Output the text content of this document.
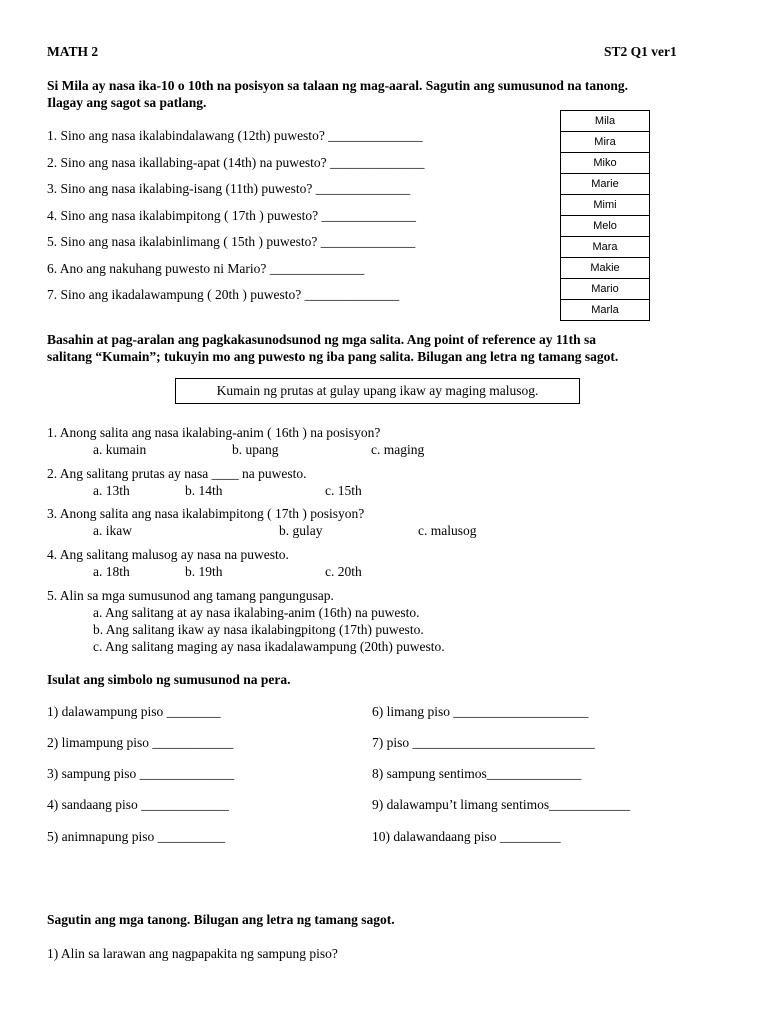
MATH 2	ST2 Q1 ver1
Si Mila ay nasa ika-10 o 10th na posisyon sa talaan ng mag-aaral. Sagutin ang sumusunod na tanong.
Ilagay ang sagot sa patlang.
1. Sino ang nasa ikalabindalawang (12th) puwesto? ______________
2. Sino ang nasa ikallabing-apat (14th) na puwesto? ______________
3. Sino ang nasa ikalabing-isang (11th) puwesto? ______________
4. Sino ang nasa ikalabimpitong ( 17th ) puwesto? ______________
5. Sino ang nasa ikalabinlimang ( 15th ) puwesto? ______________
6. Ano ang nakuhang puwesto ni Mario? ______________
7. Sino ang ikadalawampung ( 20th ) puwesto? ______________
Mila
Mira
Miko
Marie
Mimi
Melo
Mara
Makie
Mario
Marla
Basahin at pag-aralan ang pagkakasunodsunod ng mga salita. Ang point of reference ay 11th sa
salitang “Kumain”; tukuyin mo ang puwesto ng iba pang salita. Bilugan ang letra ng tamang sagot.
Kumain ng prutas at gulay upang ikaw ay maging malusog.
1. Anong salita ang nasa ikalabing-anim ( 16th ) na posisyon?
a. kumain	b. upang	c. maging
2. Ang salitang prutas ay nasa ____ na puwesto.
a. 13th	b. 14th	c. 15th
3. Anong salita ang nasa ikalabimpitong ( 17th ) posisyon?
a. ikaw	b. gulay	c. malusog
4. Ang salitang malusog ay nasa na puwesto.
a. 18th	b. 19th	c. 20th
5. Alin sa mga sumusunod ang tamang pangungusap.
a. Ang salitang at ay nasa ikalabing-anim (16th) na puwesto.
b. Ang salitang ikaw ay nasa ikalabingpitong (17th) puwesto.
c. Ang salitang maging ay nasa ikadalawampung (20th) puwesto.
Isulat ang simbolo ng sumusunod na pera.
1) dalawampung piso ________
2) limampung piso ____________
3) sampung piso ______________
4) sandaang piso _____________
5) animnapung piso __________
6) limang piso ____________________
7) piso ___________________________
8) sampung sentimos______________
9) dalawampu’t limang sentimos____________
10) dalawandaang piso _________
Sagutin ang mga tanong. Bilugan ang letra ng tamang sagot.
1) Alin sa larawan ang nagpapakita ng sampung piso?
